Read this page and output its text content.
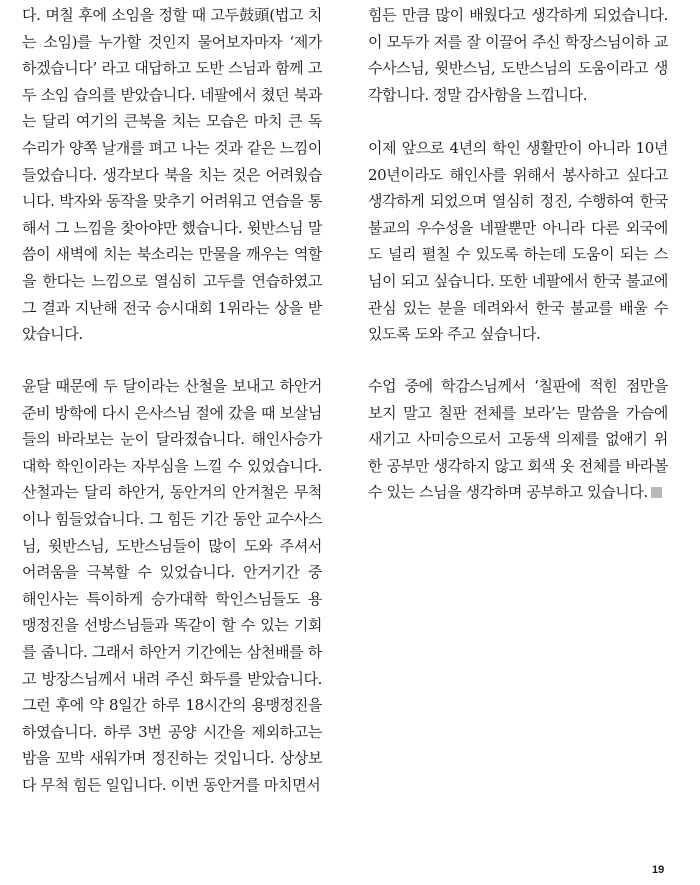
다. 며칠 후에 소임을 정할 때 고두鼓頭(법고 치
는 소임)를 누가할 것인지 물어보자마자 ‘제가
하겠습니다’ 라고 대답하고 도반 스님과 함께 고
두 소임 습의를 받았습니다. 네팔에서 쳤던 북과
는 달리 여기의 큰북을 치는 모습은 마치 큰 독
수리가 양쪽 날개를 펴고 나는 것과 같은 느낌이
들었습니다. 생각보다 북을 치는 것은 어려웠습
니다. 박자와 동작을 맞추기 어려워고 연습을 통
해서 그 느낌을 찾아야만 했습니다. 윗반스님 말
씀이 새벽에 치는 북소리는 만물을 깨우는 역할
을 한다는 느낌으로 열심히 고두를 연습하였고
그 결과 지난해 전국 승시대회 1위라는 상을 받
았습니다.
윤달 때문에 두 달이라는 산철을 보내고 하안거
준비 방학에 다시 은사스님 절에 갔을 때 보살님
들의 바라보는 눈이 달라졌습니다. 해인사승가
대학 학인이라는 자부심을 느낄 수 있었습니다.
산철과는 달리 하안거, 동안거의 안거철은 무척
이나 힘들었습니다. 그 힘든 기간 동안 교수사스
님, 윗반스님, 도반스님들이 많이 도와 주셔서
어려움을 극복할 수 있었습니다. 안거기간 중
해인사는 특이하게 승가대학 학인스님들도 용
맹정진을 선방스님들과 똑같이 할 수 있는 기회
를 줍니다. 그래서 하안거 기간에는 삼천배를 하
고 방장스님께서 내려 주신 화두를 받았습니다.
그런 후에 약 8일간 하루 18시간의 용맹정진을
하였습니다. 하루 3번 공양 시간을 제외하고는
밤을 꼬박 새워가며 정진하는 것입니다. 상상보
다 무척 힘든 일입니다. 이번 동안거를 마치면서
힘든 만큼 많이 배웠다고 생각하게 되었습니다.
이 모두가 저를 잘 이끌어 주신 학장스님이하 교
수사스님, 윗반스님, 도반스님의 도움이라고 생
각합니다. 정말 감사함을 느낍니다.
이제 앞으로 4년의 학인 생활만이 아니라 10년
20년이라도 해인사를 위해서 봉사하고 싶다고
생각하게 되었으며 열심히 정진, 수행하여 한국
불교의 우수성을 네팔뿐만 아니라 다른 외국에
도 널리 펼칠 수 있도록 하는데 도움이 되는 스
님이 되고 싶습니다. 또한 네팔에서 한국 불교에
관심 있는 분을 데려와서 한국 불교를 배울 수
있도록 도와 주고 싶습니다.
수업 중에 학감스님께서 ‘칠판에 적힌 점만을
보지 말고 칠판 전체를 보라’는 말씀을 가슴에
새기고 사미승으로서 고동색 의제를 없애기 위
한 공부만 생각하지 않고 회색 옷 전체를 바라볼
수 있는 스님을 생각하며 공부하고 있습니다.
19
